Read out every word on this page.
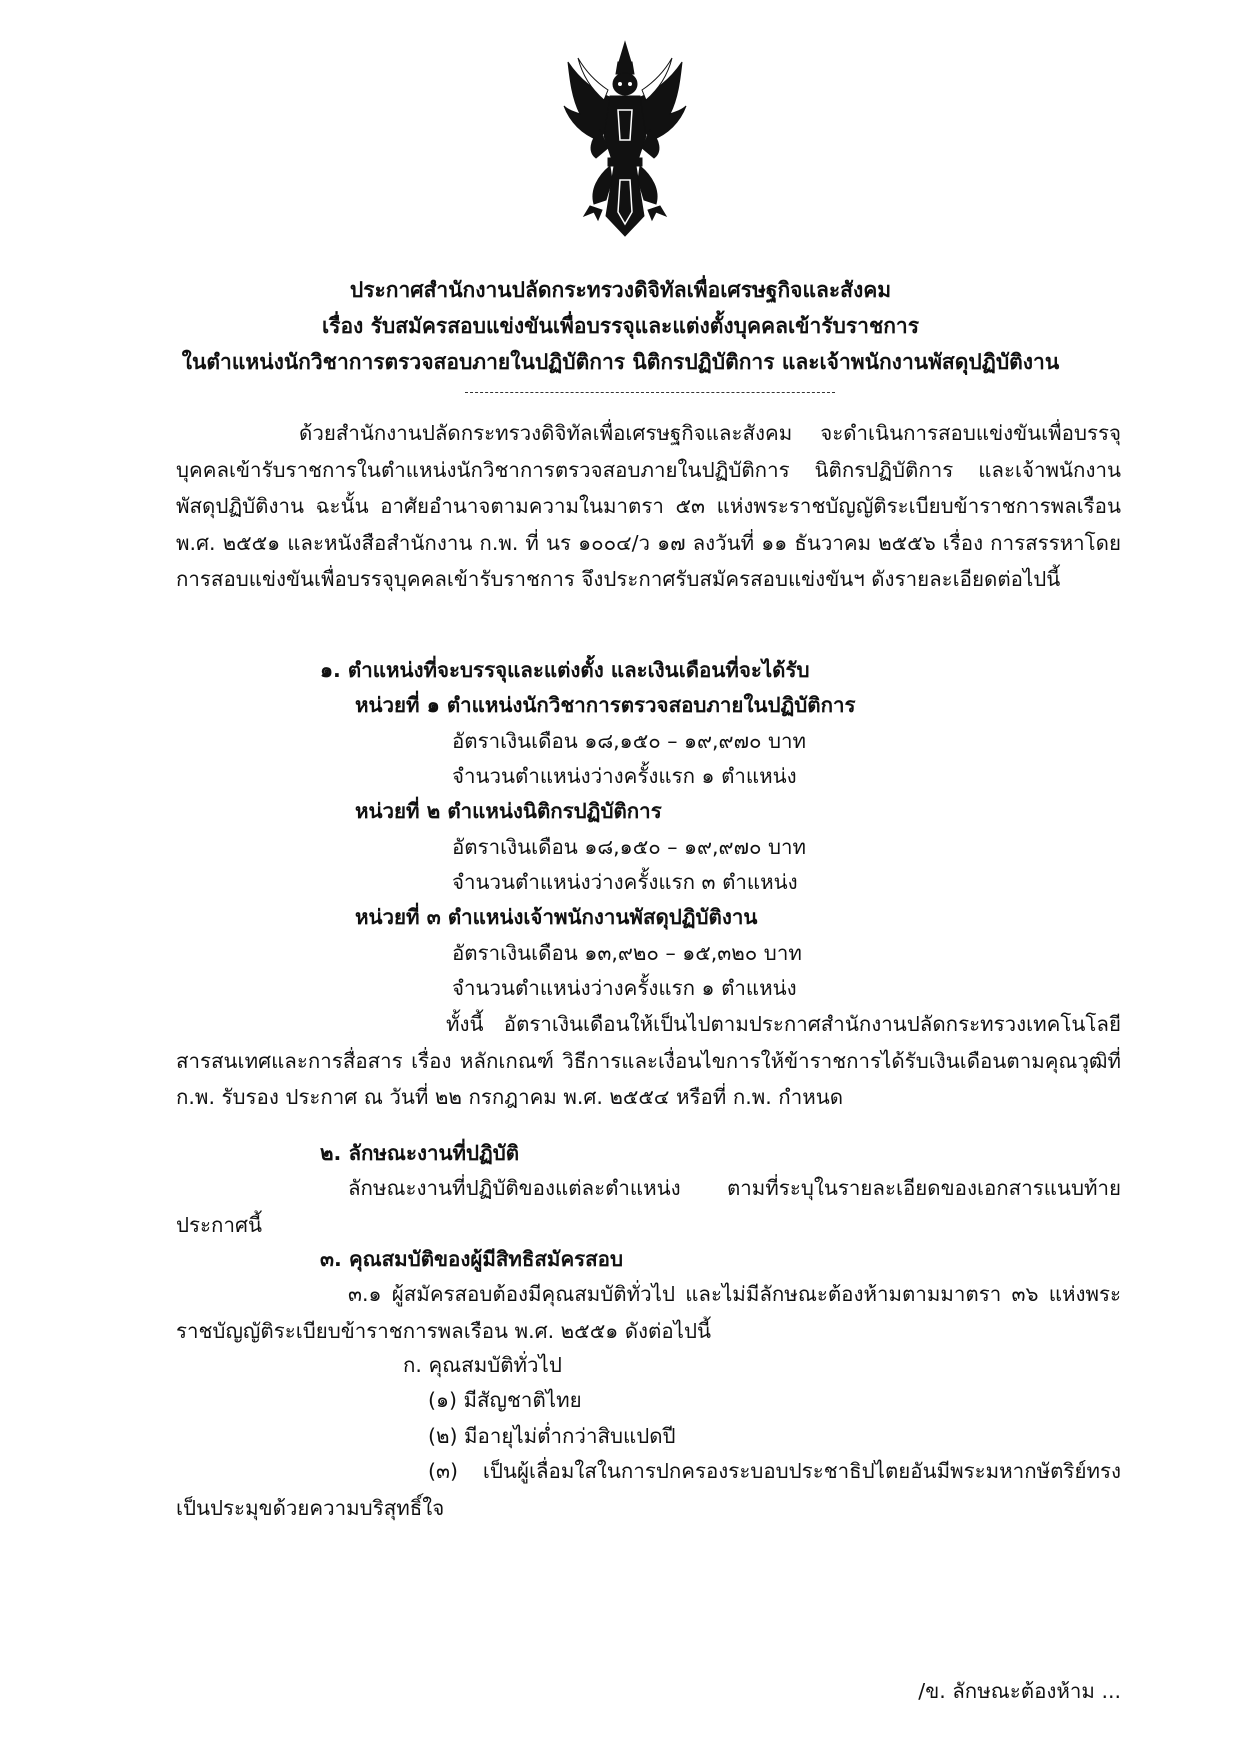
ประกาศสำนักงานปลัดกระทรวงดิจิทัลเพื่อเศรษฐกิจและสังคม
เรื่อง รับสมัครสอบแข่งขันเพื่อบรรจุและแต่งตั้งบุคคลเข้ารับราชการ
ในตำแหน่งนักวิชาการตรวจสอบภายในปฏิบัติการ นิติกรปฏิบัติการ และเจ้าพนักงานพัสดุปฏิบัติงาน

ด้วยสำนักงานปลัดกระทรวงดิจิทัลเพื่อเศรษฐกิจและสังคม จะดำเนินการสอบแข่งขันเพื่อบรรจุบุคคลเข้ารับราชการในตำแหน่งนักวิชาการตรวจสอบภายในปฏิบัติการ นิติกรปฏิบัติการ และเจ้าพนักงานพัสดุปฏิบัติงาน ฉะนั้น อาศัยอำนาจตามความในมาตรา ๕๓ แห่งพระราชบัญญัติระเบียบข้าราชการพลเรือน พ.ศ. ๒๕๕๑ และหนังสือสำนักงาน ก.พ. ที่ นร ๑๐๐๔/ว ๑๗ ลงวันที่ ๑๑ ธันวาคม ๒๕๕๖ เรื่อง การสรรหาโดยการสอบแข่งขันเพื่อบรรจุบุคคลเข้ารับราชการ จึงประกาศรับสมัครสอบแข่งขันฯ ดังรายละเอียดต่อไปนี้

๑. ตำแหน่งที่จะบรรจุและแต่งตั้ง และเงินเดือนที่จะได้รับ
หน่วยที่ ๑ ตำแหน่งนักวิชาการตรวจสอบภายในปฏิบัติการ
อัตราเงินเดือน ๑๘,๑๕๐ – ๑๙,๙๗๐ บาท
จำนวนตำแหน่งว่างครั้งแรก ๑ ตำแหน่ง
หน่วยที่ ๒ ตำแหน่งนิติกรปฏิบัติการ
อัตราเงินเดือน ๑๘,๑๕๐ – ๑๙,๙๗๐ บาท
จำนวนตำแหน่งว่างครั้งแรก ๓ ตำแหน่ง
หน่วยที่ ๓ ตำแหน่งเจ้าพนักงานพัสดุปฏิบัติงาน
อัตราเงินเดือน ๑๓,๙๒๐ – ๑๕,๓๒๐ บาท
จำนวนตำแหน่งว่างครั้งแรก ๑ ตำแหน่ง

ทั้งนี้ อัตราเงินเดือนให้เป็นไปตามประกาศสำนักงานปลัดกระทรวงเทคโนโลยีสารสนเทศและการสื่อสาร เรื่อง หลักเกณฑ์ วิธีการและเงื่อนไขการให้ข้าราชการได้รับเงินเดือนตามคุณวุฒิที่ ก.พ. รับรอง ประกาศ ณ วันที่ ๒๒ กรกฎาคม พ.ศ. ๒๕๕๔ หรือที่ ก.พ. กำหนด

๒. ลักษณะงานที่ปฏิบัติ

ลักษณะงานที่ปฏิบัติของแต่ละตำแหน่ง ตามที่ระบุในรายละเอียดของเอกสารแนบท้ายประกาศนี้

๓. คุณสมบัติของผู้มีสิทธิสมัครสอบ

๓.๑ ผู้สมัครสอบต้องมีคุณสมบัติทั่วไป และไม่มีลักษณะต้องห้ามตามมาตรา ๓๖ แห่งพระราชบัญญัติระเบียบข้าราชการพลเรือน พ.ศ. ๒๕๕๑ ดังต่อไปนี้

ก. คุณสมบัติทั่วไป
(๑) มีสัญชาติไทย
(๒) มีอายุไม่ต่ำกว่าสิบแปดปี

(๓) เป็นผู้เลื่อมใสในการปกครองระบอบประชาธิปไตยอันมีพระมหากษัตริย์ทรงเป็นประมุขด้วยความบริสุทธิ์ใจ

/ข. ลักษณะต้องห้าม ...
